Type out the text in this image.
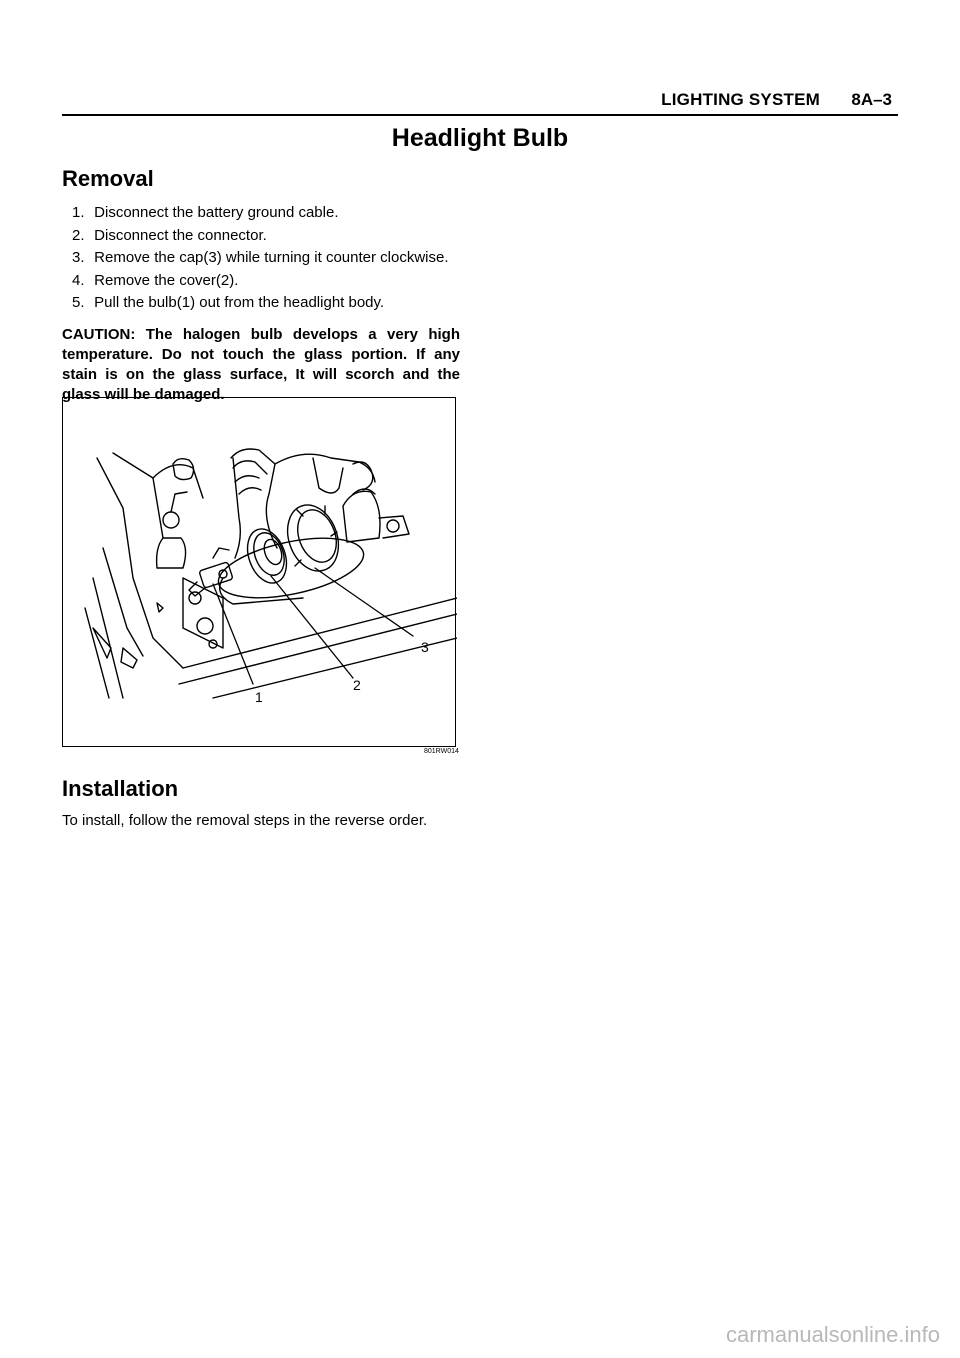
LIGHTING SYSTEM 8A–3
Headlight Bulb
Removal
1. Disconnect the battery ground cable.
2. Disconnect the connector.
3. Remove the cap(3) while turning it counter clockwise.
4. Remove the cover(2).
5. Pull the bulb(1) out from the headlight body.

CAUTION: The halogen bulb develops a very high temperature. Do not touch the glass portion. If any stain is on the glass surface, It will scorch and the glass will be damaged.

1
2
3
801RW014
Installation

To install, follow the removal steps in the reverse order.

carmanualsonline.info
